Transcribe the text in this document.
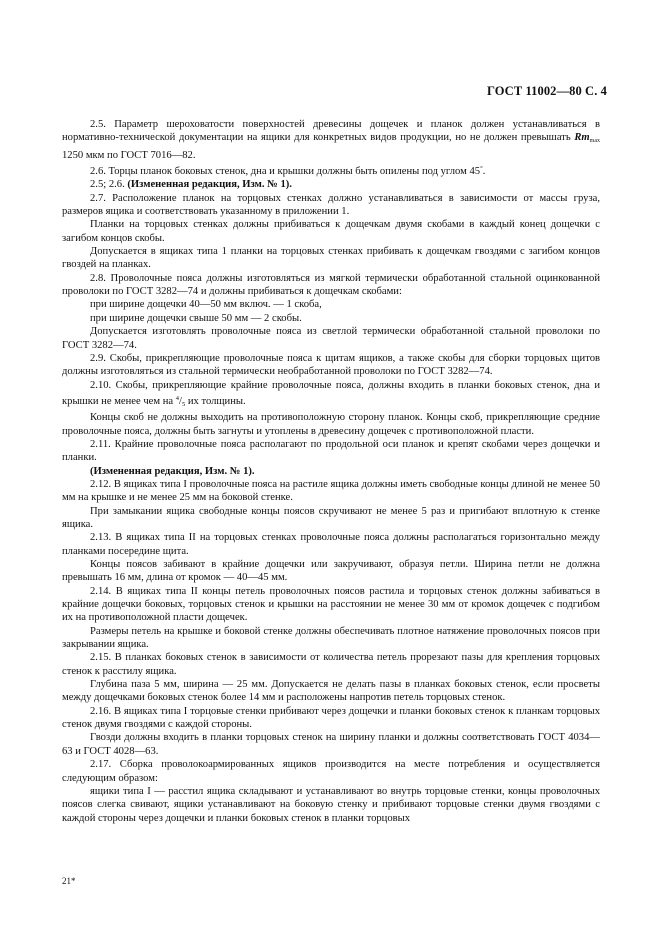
ГОСТ 11002—80 С. 4

2.5. Параметр шероховатости поверхностей древесины дощечек и планок должен устанавливаться в нормативно-технической документации на ящики для конкретных видов продукции, но не должен превышать $Rm_{max}$ 1250 мкм по ГОСТ 7016—82.

2.6. Торцы планок боковых стенок, дна и крышки должны быть опилены под углом 45°.

2.5; 2.6. (Измененная редакция, Изм. № 1).

2.7. Расположение планок на торцовых стенках должно устанавливаться в зависимости от массы груза, размеров ящика и соответствовать указанному в приложении 1.

Планки на торцовых стенках должны прибиваться к дощечкам двумя скобами в каждый конец дощечки с загибом концов скобы.

Допускается в ящиках типа 1 планки на торцовых стенках прибивать к дощечкам гвоздями с загибом концов гвоздей на планках.

2.8. Проволочные пояса должны изготовляться из мягкой термически обработанной стальной оцинкованной проволоки по ГОСТ 3282—74 и должны прибиваться к дощечкам скобами:

при ширине дощечки 40—50 мм включ. — 1 скоба,

при ширине дощечки свыше 50 мм — 2 скобы.

Допускается изготовлять проволочные пояса из светлой термически обработанной стальной проволоки по ГОСТ 3282—74.

2.9. Скобы, прикрепляющие проволочные пояса к щитам ящиков, а также скобы для сборки торцовых щитов должны изготовляться из стальной термически необработанной проволоки по ГОСТ 3282—74.

2.10. Скобы, прикрепляющие крайние проволочные пояса, должны входить в планки боковых стенок, дна и крышки не менее чем на $^4$/5 их толщины.

Концы скоб не должны выходить на противоположную сторону планок. Концы скоб, прикрепляющие средние проволочные пояса, должны быть загнуты и утоплены в древесину дощечек с противоположной пласти.

2.11. Крайние проволочные пояса располагают по продольной оси планок и крепят скобами через дощечки и планки.

(Измененная редакция, Изм. № 1).

2.12. В ящиках типа I проволочные пояса на растиле ящика должны иметь свободные концы длиной не менее 50 мм на крышке и не менее 25 мм на боковой стенке.

При замыкании ящика свободные концы поясов скручивают не менее 5 раз и пригибают вплотную к стенке ящика.

2.13. В ящиках типа II на торцовых стенках проволочные пояса должны располагаться горизонтально между планками посередине щита.

Концы поясов забивают в крайние дощечки или закручивают, образуя петли. Ширина петли не должна превышать 16 мм, длина от кромок — 40—45 мм.

2.14. В ящиках типа II концы петель проволочных поясов растила и торцовых стенок должны забиваться в крайние дощечки боковых, торцовых стенок и крышки на расстоянии не менее 30 мм от кромок дощечек с подгибом их на противоположной пласти дощечек.

Размеры петель на крышке и боковой стенке должны обеспечивать плотное натяжение проволочных поясов при закрывании ящика.

2.15. В планках боковых стенок в зависимости от количества петель прорезают пазы для крепления торцовых стенок к расстилу ящика.

Глубина паза 5 мм, ширина — 25 мм. Допускается не делать пазы в планках боковых стенок, если просветы между дощечками боковых стенок более 14 мм и расположены напротив петель торцовых стенок.

2.16. В ящиках типа I торцовые стенки прибивают через дощечки и планки боковых стенок к планкам торцовых стенок двумя гвоздями с каждой стороны.

Гвозди должны входить в планки торцовых стенок на ширину планки и должны соответствовать ГОСТ 4034—63 и ГОСТ 4028—63.

2.17. Сборка проволокоармированных ящиков производится на месте потребления и осуществляется следующим образом:

ящики типа I — расстил ящика складывают и устанавливают во внутрь торцовые стенки, концы проволочных поясов слегка свивают, ящики устанавливают на боковую стенку и прибивают торцовые стенки двумя гвоздями с каждой стороны через дощечки и планки боковых стенок в планки торцовых

21*
